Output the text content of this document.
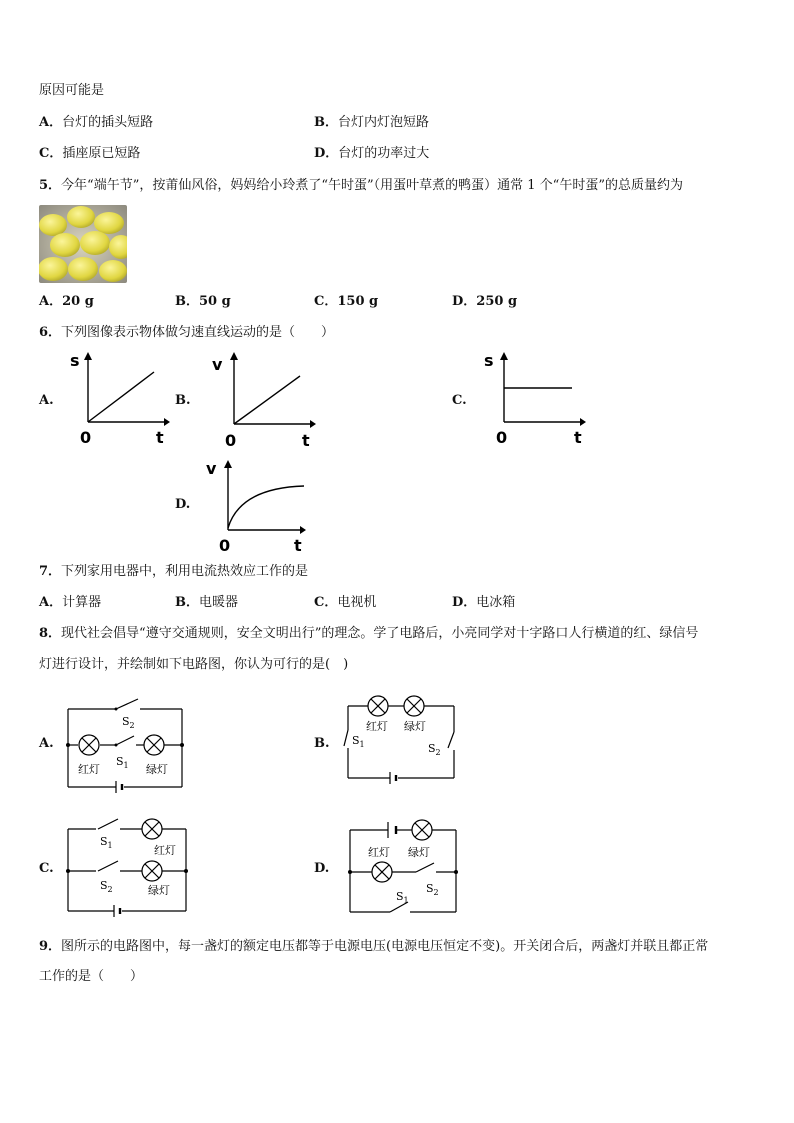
原因可能是
A．台灯的插头短路	B．台灯内灯泡短路
C．插座原已短路	D．台灯的功率过大
5．今年“端午节”，按莆仙风俗，妈妈给小玲煮了“午时蛋”（用蛋叶草煮的鸭蛋）通常 1 个“午时蛋”的总质量约为
A．20 g	B．50 g	C．150 g	D．250 g
6．下列图像表示物体做匀速直线运动的是（　　）
A.
s
0	t
B.
v
0	t
C.
s
0	t
D.
v
0	t
7．下列家用电器中，利用电流热效应工作的是
A．计算器	B．电暖器	C．电视机	D．电冰箱
8．现代社会倡导“遵守交通规则，安全文明出行”的理念。学了电路后，小亮同学对十字路口人行横道的红、绿信号
灯进行设计，并绘制如下电路图，你认为可行的是(　)
A.
$S_2$
红灯
$S_1$ 绿灯
B.
红灯 绿灯
$S_1$	$S_2$
C.
$S_1$	红灯
$S_2$	绿灯
D.
红灯 绿灯
$S_2$
$S_1$
9．图所示的电路图中，每一盏灯的额定电压都等于电源电压(电源电压恒定不变)。开关闭合后，两盏灯并联且都正常
工作的是（　　）
